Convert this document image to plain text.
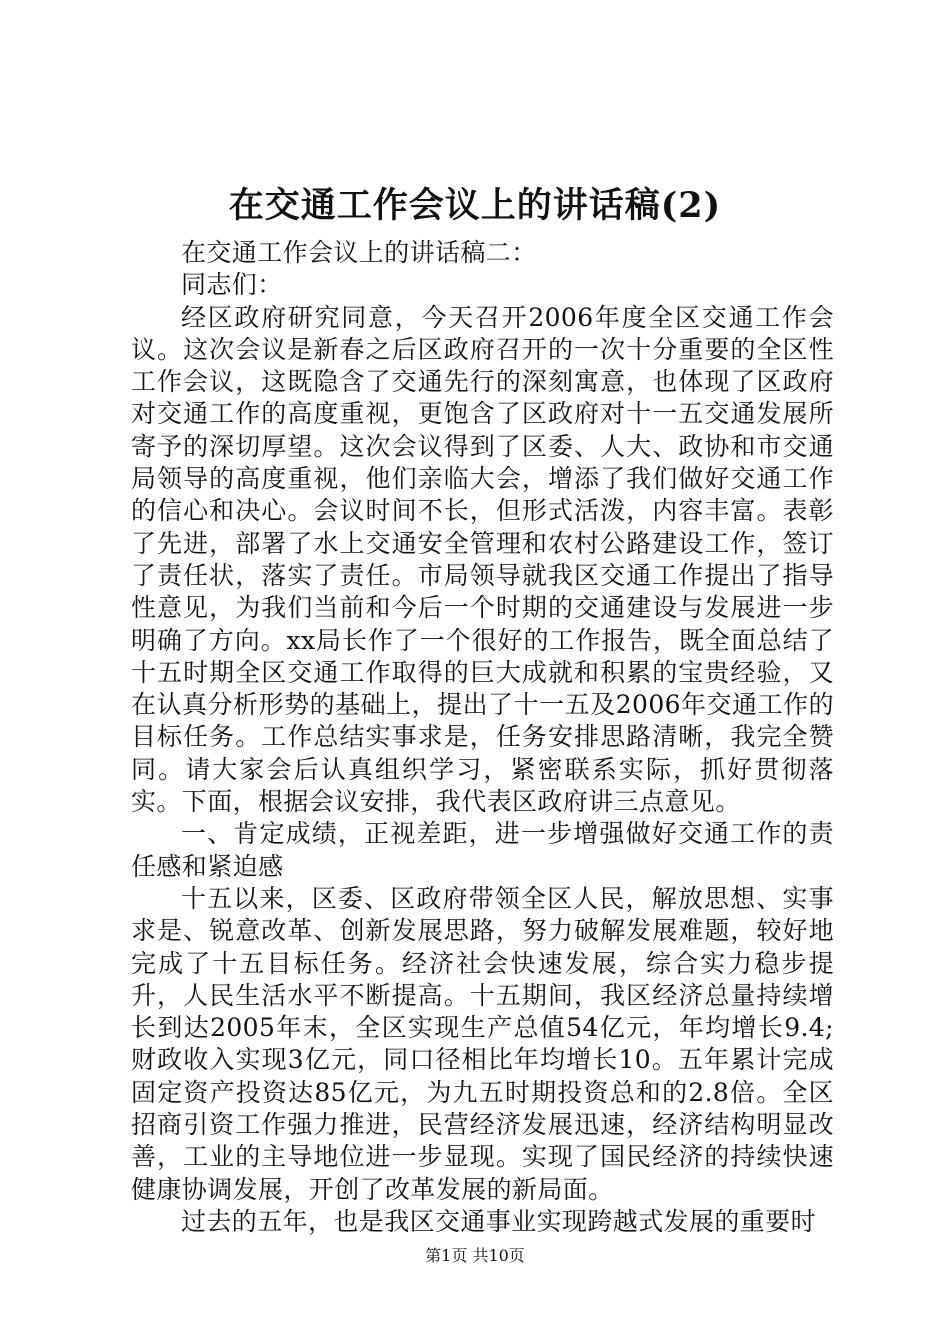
在交通工作会议上的讲话稿(2)

在交通工作会议上的讲话稿二：

同志们：

经区政府研究同意，今天召开2006年度全区交通工作会议。这次会议是新春之后区政府召开的一次十分重要的全区性工作会议，这既隐含了交通先行的深刻寓意，也体现了区政府对交通工作的高度重视，更饱含了区政府对十一五交通发展所寄予的深切厚望。这次会议得到了区委、人大、政协和市交通局领导的高度重视，他们亲临大会，增添了我们做好交通工作的信心和决心。会议时间不长，但形式活泼，内容丰富。表彰了先进，部署了水上交通安全管理和农村公路建设工作，签订了责任状，落实了责任。市局领导就我区交通工作提出了指导性意见，为我们当前和今后一个时期的交通建设与发展进一步明确了方向。xx局长作了一个很好的工作报告，既全面总结了十五时期全区交通工作取得的巨大成就和积累的宝贵经验，又在认真分析形势的基础上，提出了十一五及2006年交通工作的目标任务。工作总结实事求是，任务安排思路清晰，我完全赞同。请大家会后认真组织学习，紧密联系实际，抓好贯彻落实。下面，根据会议安排，我代表区政府讲三点意见。

一、肯定成绩，正视差距，进一步增强做好交通工作的责任感和紧迫感

十五以来，区委、区政府带领全区人民，解放思想、实事求是、锐意改革、创新发展思路，努力破解发展难题，较好地完成了十五目标任务。经济社会快速发展，综合实力稳步提升，人民生活水平不断提高。十五期间，我区经济总量持续增长到达2005年末，全区实现生产总值54亿元，年均增长9.4;财政收入实现3亿元，同口径相比年均增长10。五年累计完成固定资产投资达85亿元，为九五时期投资总和的2.8倍。全区招商引资工作强力推进，民营经济发展迅速，经济结构明显改善，工业的主导地位进一步显现。实现了国民经济的持续快速健康协调发展，开创了改革发展的新局面。

过去的五年，也是我区交通事业实现跨越式发展的重要时

第1页 共10页
